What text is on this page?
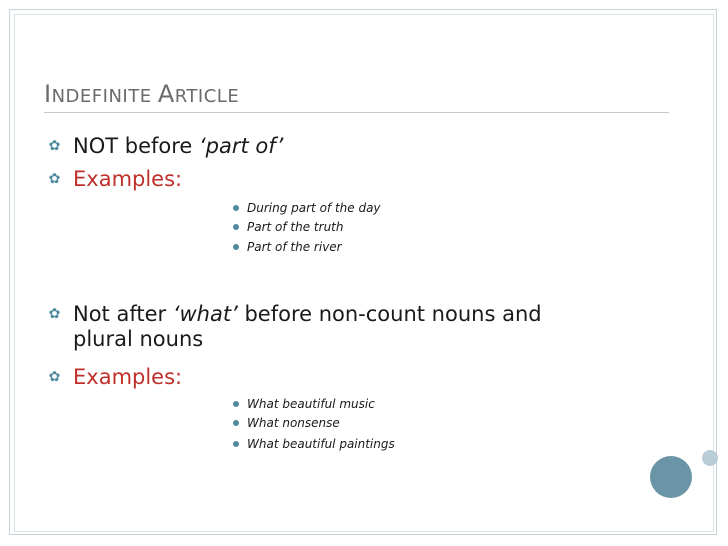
INDEFINITE ARTICLE
✿ NOT before ‘part of’
✿ Examples:
During part of the day
Part of the truth
Part of the river
✿ Not after ‘what’ before non-count nouns and plural nouns
✿ Examples:
What beautiful music
What nonsense
What beautiful paintings
